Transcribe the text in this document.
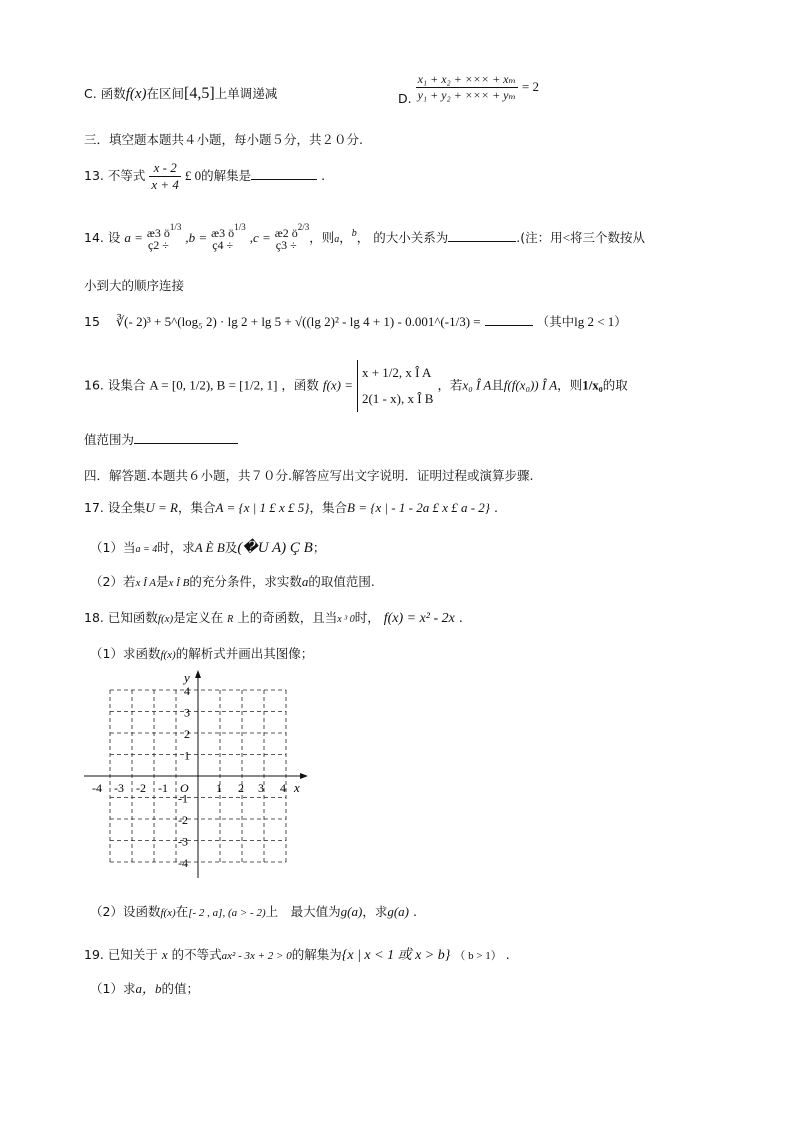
C. 函数f(x)在区间[4,5]上单调递减	D. $\frac{\text{x₁ + x₂ + ××× + xₘ}}{\text{y₁ + y₂ + ××× + yₘ}} = 2$
三．填空题本题共４小题，每小题５分，共２０分.
13. 不等式 $\frac{x - 2}{x + 4}$ £ 0的解集是	.
14. 设 a = æ3 ö
ç2 ÷
$^{1/3}$ ,b = æ3 ö
ç4 ÷
$^{1/3}$ ,c = æ2 ö
ç3 ÷
$^{2/3}$，则a，$^b$， 的大小关系为	.(注：用<将三个数按从
小到大的顺序连接
15 ∛(- 2)³ + 5^(log₅ 2) · lg 2 + lg 5 + √((lg 2)² - lg 4 + 1) - 0.001^(-1/3) =	（其中lg 2 < 1）
16. 设集合 A = [0, 1/2), B = [1/2, 1] ，函数 f(x) =
x + 1/2, x Î A
2(1 - x), x Î B
，若x₀ Î A且f(f(x₀)) Î A，则1/x₀的取
值范围为
四．解答题.本题共６小题，共７０分.解答应写出文字说明．证明过程或演算步骤.
17. 设全集U = R，集合A = {x | 1 £ x £ 5}，集合B = {x | - 1 - 2a £ x £ a - 2} .
（1）当a = 4时，求A È B及(�U A) Ç B；
（2）若x Î A是x Î B的充分条件，求实数a的取值范围.
18. 已知函数f(x)是定义在 R 上的奇函数，且当x ³ 0时， f(x) = x² - 2x .
（1）求函数f(x)的解析式并画出其图像；
y
x
O
4
3
2
1
-1
-2
-3
-4
-4 -3 -2 -1	1 2 3 4
（2）设函数f(x)在[- 2 , a], (a > - 2)上　最大值为g(a)，求g(a) .
19. 已知关于 x 的不等式ax² - 3x + 2 > 0的解集为{x | x < 1 或 x > b} （ b > 1） .
（1）求a，b的值；
